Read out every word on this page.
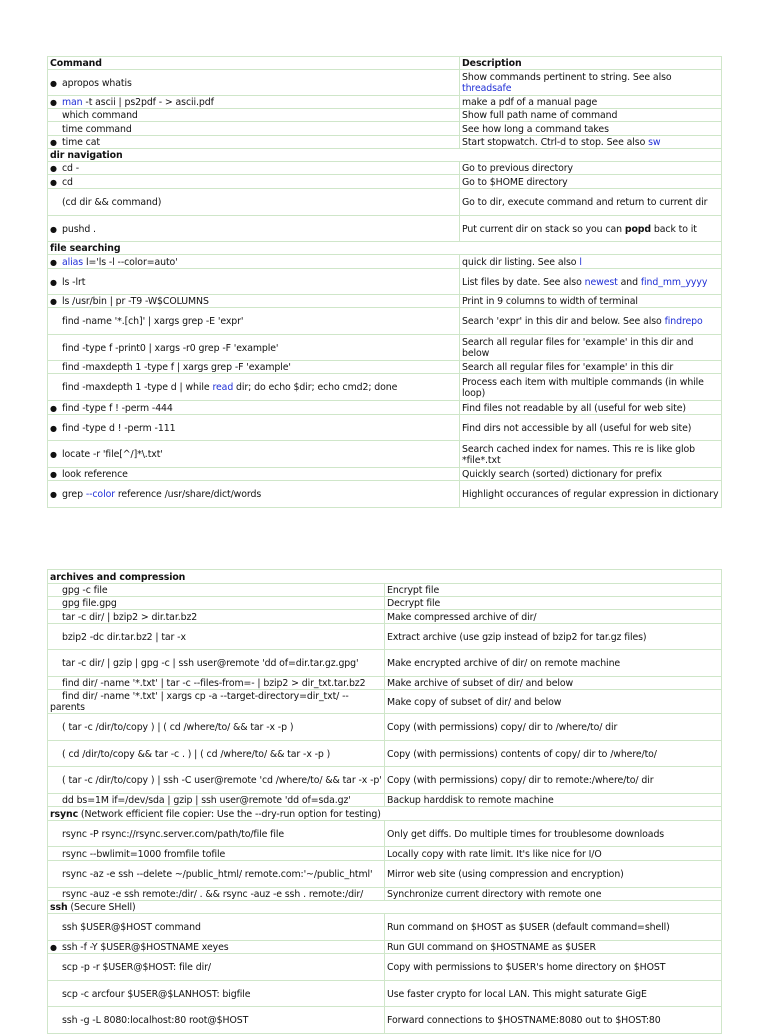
Command	Description
● apropos whatis	Show commands pertinent to string. See also threadsafe
● man -t ascii | ps2pdf - > ascii.pdf	make a pdf of a manual page
which command	Show full path name of command
time command	See how long a command takes
● time cat	Start stopwatch. Ctrl-d to stop. See also sw
dir navigation	
● cd -	Go to previous directory
● cd	Go to $HOME directory
(cd dir && command)	Go to dir, execute command and return to current dir
● pushd .	Put current dir on stack so you can popd back to it
file searching	
● alias l='ls -l --color=auto'	quick dir listing. See also l
● ls -lrt	List files by date. See also newest and find_mm_yyyy
● ls /usr/bin | pr -T9 -W$COLUMNS	Print in 9 columns to width of terminal
find -name '*.[ch]' | xargs grep -E 'expr'	Search 'expr' in this dir and below. See also findrepo
find -type f -print0 | xargs -r0 grep -F 'example'	Search all regular files for 'example' in this dir and below
find -maxdepth 1 -type f | xargs grep -F 'example'	Search all regular files for 'example' in this dir
find -maxdepth 1 -type d | while read dir; do echo $dir; echo cmd2; done	Process each item with multiple commands (in while loop)
● find -type f ! -perm -444	Find files not readable by all (useful for web site)
● find -type d ! -perm -111	Find dirs not accessible by all (useful for web site)
● locate -r 'file[^/]*\.txt'	Search cached index for names. This re is like glob *file*.txt
● look reference	Quickly search (sorted) dictionary for prefix
● grep --color reference /usr/share/dict/words	Highlight occurances of regular expression in dictionary
archives and compression	
gpg -c file	Encrypt file
gpg file.gpg	Decrypt file
tar -c dir/ | bzip2 > dir.tar.bz2	Make compressed archive of dir/
bzip2 -dc dir.tar.bz2 | tar -x	Extract archive (use gzip instead of bzip2 for tar.gz files)
tar -c dir/ | gzip | gpg -c | ssh user@remote 'dd of=dir.tar.gz.gpg'	Make encrypted archive of dir/ on remote machine
find dir/ -name '*.txt' | tar -c --files-from=- | bzip2 > dir_txt.tar.bz2	Make archive of subset of dir/ and below
find dir/ -name '*.txt' | xargs cp -a --target-directory=dir_txt/ --parents	Make copy of subset of dir/ and below
( tar -c /dir/to/copy ) | ( cd /where/to/ && tar -x -p )	Copy (with permissions) copy/ dir to /where/to/ dir
( cd /dir/to/copy && tar -c . ) | ( cd /where/to/ && tar -x -p )	Copy (with permissions) contents of copy/ dir to /where/to/
( tar -c /dir/to/copy ) | ssh -C user@remote 'cd /where/to/ && tar -x -p'	Copy (with permissions) copy/ dir to remote:/where/to/ dir
dd bs=1M if=/dev/sda | gzip | ssh user@remote 'dd of=sda.gz'	Backup harddisk to remote machine
rsync (Network efficient file copier: Use the --dry-run option for testing)	
rsync -P rsync://rsync.server.com/path/to/file file	Only get diffs. Do multiple times for troublesome downloads
rsync --bwlimit=1000 fromfile tofile	Locally copy with rate limit. It's like nice for I/O
rsync -az -e ssh --delete ~/public_html/ remote.com:'~/public_html'	Mirror web site (using compression and encryption)
rsync -auz -e ssh remote:/dir/ . && rsync -auz -e ssh . remote:/dir/	Synchronize current directory with remote one
ssh (Secure SHell)	
ssh $USER@$HOST command	Run command on $HOST as $USER (default command=shell)
● ssh -f -Y $USER@$HOSTNAME xeyes	Run GUI command on $HOSTNAME as $USER
scp -p -r $USER@$HOST: file dir/	Copy with permissions to $USER's home directory on $HOST
scp -c arcfour $USER@$LANHOST: bigfile	Use faster crypto for local LAN. This might saturate GigE
ssh -g -L 8080:localhost:80 root@$HOST	Forward connections to $HOSTNAME:8080 out to $HOST:80
